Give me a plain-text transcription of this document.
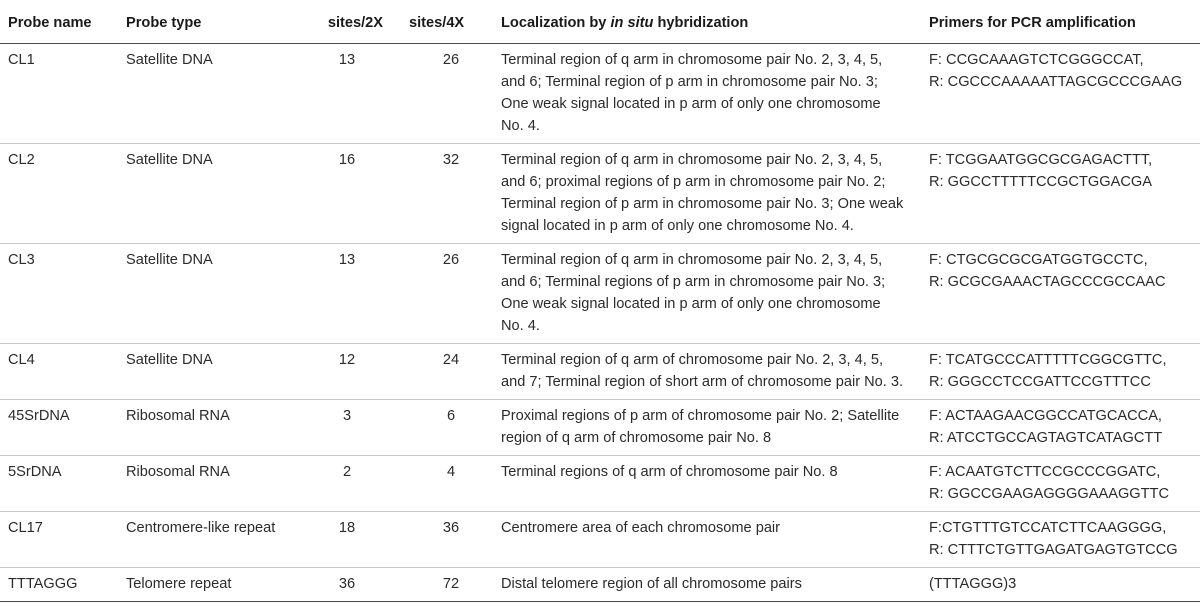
Probe name	Probe type	sites/2X	sites/4X	Localization by in situ hybridization	Primers for PCR amplification
CL1	Satellite DNA	13	26	Terminal region of q arm in chromosome pair No. 2, 3, 4, 5, and 6; Terminal region of p arm in chromosome pair No. 3; One weak signal located in p arm of only one chromosome No. 4.	F: CCGCAAAGTCTCGGGCCAT,
R: CGCCCAAAAATTAGCGCCCGAAG

CL2	Satellite DNA	16	32	Terminal region of q arm in chromosome pair No. 2, 3, 4, 5, and 6; proximal regions of p arm in chromosome pair No. 2; Terminal region of p arm in chromosome pair No. 3; One weak signal located in p arm of only one chromosome No. 4.	F: TCGGAATGGCGCGAGACTTT,
R: GGCCTTTTTCCGCTGGACGA

CL3	Satellite DNA	13	26	Terminal region of q arm in chromosome pair No. 2, 3, 4, 5, and 6; Terminal regions of p arm in chromosome pair No. 3; One weak signal located in p arm of only one chromosome No. 4.	F: CTGCGCGCGATGGTGCCTC,
R: GCGCGAAACTAGCCCGCCAAC

CL4	Satellite DNA	12	24	Terminal region of q arm of chromosome pair No. 2, 3, 4, 5, and 7; Terminal region of short arm of chromosome pair No. 3.	F: TCATGCCCATTTTTCGGCGTTC,
R: GGGCCTCCGATTCCGTTTCC

45SrDNA	Ribosomal RNA	3	6	Proximal regions of p arm of chromosome pair No. 2; Satellite region of q arm of chromosome pair No. 8	F: ACTAAGAACGGCCATGCACCA,
R: ATCCTGCCAGTAGTCATAGCTT

5SrDNA	Ribosomal RNA	2	4	Terminal regions of q arm of chromosome pair No. 8	F: ACAATGTCTTCCGCCCGGATC,
R: GGCCGAAGAGGGGAAAGGTTC

CL17	Centromere-like repeat	18	36	Centromere area of each chromosome pair	F:CTGTTTGTCCATCTTCAAGGGG,
R: CTTTCTGTTGAGATGAGTGTCCG

TTTAGGG	Telomere repeat	36	72	Distal telomere region of all chromosome pairs	(TTTAGGG)3
